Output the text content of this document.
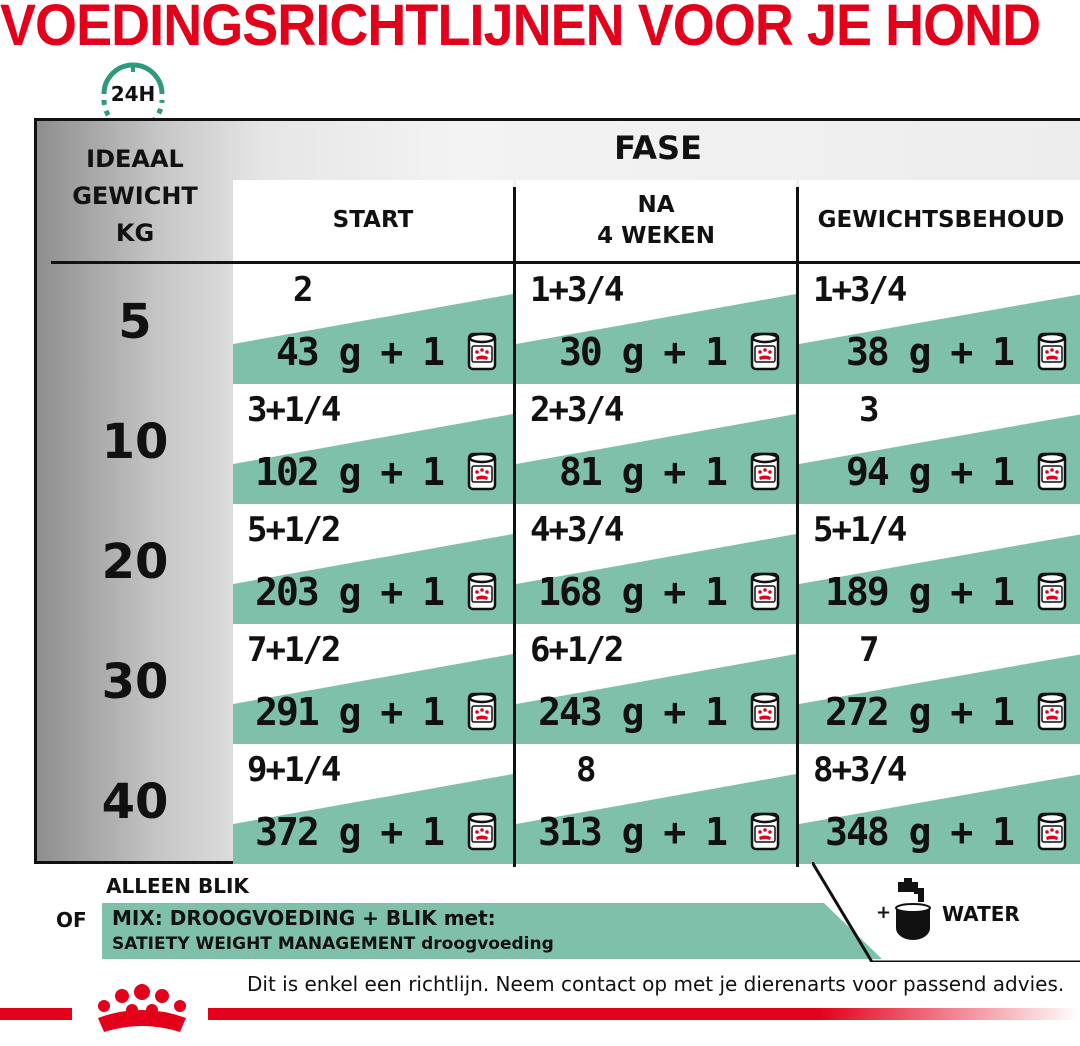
VOEDINGSRICHTLIJNEN VOOR JE HOND
24H
IDEAAL
GEWICHT
KG
FASE
START
NA
4 WEKEN
GEWICHTSBEHOUD
5
2
43 g + 1
1+3/4
30 g + 1
1+3/4
38 g + 1
10
3+1/4
102 g + 1
2+3/4
81 g + 1
3
94 g + 1
20
5+1/2
203 g + 1
4+3/4
168 g + 1
5+1/4
189 g + 1
30
7+1/2
291 g + 1
6+1/2
243 g + 1
7
272 g + 1
40
9+1/4
372 g + 1
8
313 g + 1
8+3/4
348 g + 1
ALLEEN BLIK
OF MIX: DROOGVOEDING + BLIK met:
SATIETY WEIGHT MANAGEMENT droogvoeding
+	WATER
Dit is enkel een richtlijn. Neem contact op met je dierenarts voor passend advies.
